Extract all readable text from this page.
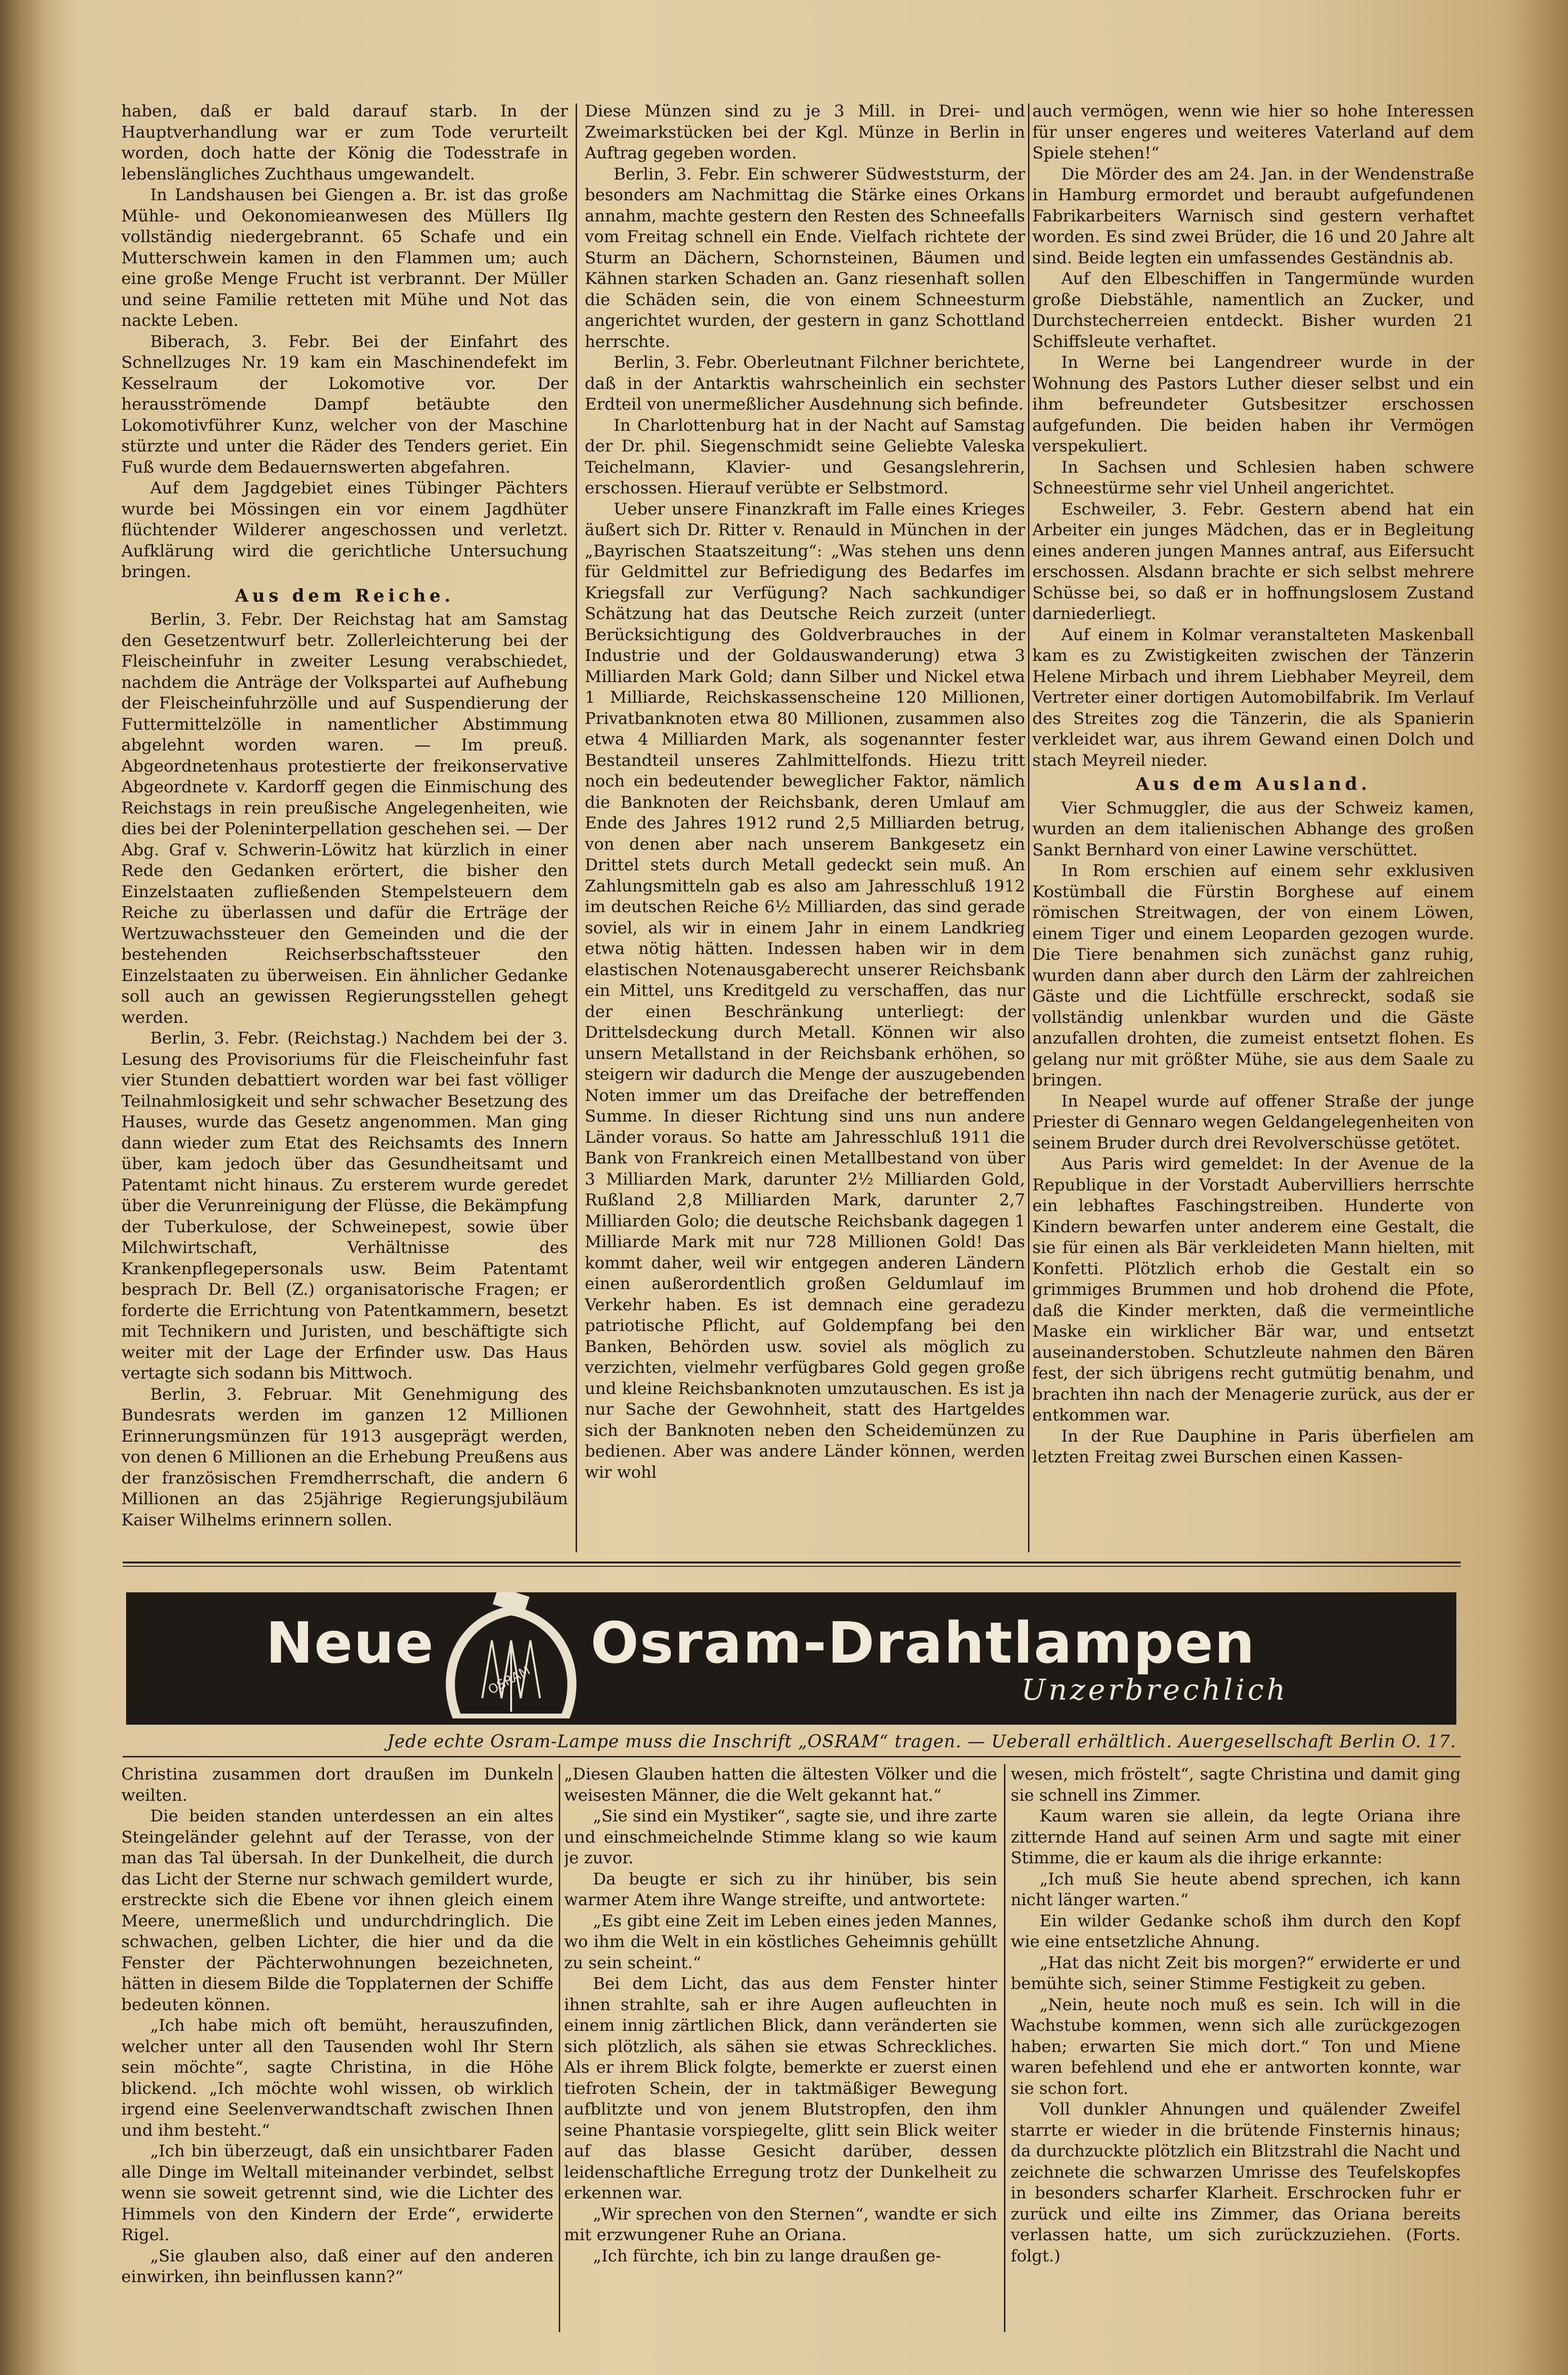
haben, daß er bald darauf starb. In der Hauptverhandlung war er zum Tode verurteilt worden, doch hatte der König die Todesstrafe in lebenslängliches Zuchthaus umgewandelt.

In Landshausen bei Giengen a. Br. ist das große Mühle- und Oekonomieanwesen des Müllers Ilg vollständig niedergebrannt. 65 Schafe und ein Mutterschwein kamen in den Flammen um; auch eine große Menge Frucht ist verbrannt. Der Müller und seine Familie retteten mit Mühe und Not das nackte Leben.

Biberach, 3. Febr. Bei der Einfahrt des Schnellzuges Nr. 19 kam ein Maschinendefekt im Kesselraum der Lokomotive vor. Der herausströmende Dampf betäubte den Lokomotivführer Kunz, welcher von der Maschine stürzte und unter die Räder des Tenders geriet. Ein Fuß wurde dem Bedauernswerten abgefahren.

Auf dem Jagdgebiet eines Tübinger Pächters wurde bei Mössingen ein vor einem Jagdhüter flüchtender Wilderer angeschossen und verletzt. Aufklärung wird die gerichtliche Untersuchung bringen.

Aus dem Reiche.

Berlin, 3. Febr. Der Reichstag hat am Samstag den Gesetzentwurf betr. Zollerleichterung bei der Fleischeinfuhr in zweiter Lesung verabschiedet, nachdem die Anträge der Volkspartei auf Aufhebung der Fleischeinfuhrzölle und auf Suspendierung der Futtermittelzölle in namentlicher Abstimmung abgelehnt worden waren. — Im preuß. Abgeordnetenhaus protestierte der freikonservative Abgeordnete v. Kardorff gegen die Einmischung des Reichstags in rein preußische Angelegenheiten, wie dies bei der Poleninterpellation geschehen sei. — Der Abg. Graf v. Schwerin-Löwitz hat kürzlich in einer Rede den Gedanken erörtert, die bisher den Einzelstaaten zufließenden Stempelsteuern dem Reiche zu überlassen und dafür die Erträge der Wertzuwachssteuer den Gemeinden und die der bestehenden Reichserbschaftssteuer den Einzelstaaten zu überweisen. Ein ähnlicher Gedanke soll auch an gewissen Regierungsstellen gehegt werden.

Berlin, 3. Febr. (Reichstag.) Nachdem bei der 3. Lesung des Provisoriums für die Fleischeinfuhr fast vier Stunden debattiert worden war bei fast völliger Teilnahmlosigkeit und sehr schwacher Besetzung des Hauses, wurde das Gesetz angenommen. Man ging dann wieder zum Etat des Reichsamts des Innern über, kam jedoch über das Gesundheitsamt und Patentamt nicht hinaus. Zu ersterem wurde geredet über die Verunreinigung der Flüsse, die Bekämpfung der Tuberkulose, der Schweinepest, sowie über Milchwirtschaft, Verhältnisse des Krankenpflegepersonals usw. Beim Patentamt besprach Dr. Bell (Z.) organisatorische Fragen; er forderte die Errichtung von Patentkammern, besetzt mit Technikern und Juristen, und beschäftigte sich weiter mit der Lage der Erfinder usw. Das Haus vertagte sich sodann bis Mittwoch.

Berlin, 3. Februar. Mit Genehmigung des Bundesrats werden im ganzen 12 Millionen Erinnerungsmünzen für 1913 ausgeprägt werden, von denen 6 Millionen an die Erhebung Preußens aus der französischen Fremdherrschaft, die andern 6 Millionen an das 25jährige Regierungsjubiläum Kaiser Wilhelms erinnern sollen.

Diese Münzen sind zu je 3 Mill. in Drei- und Zweimarkstücken bei der Kgl. Münze in Berlin in Auftrag gegeben worden.

Berlin, 3. Febr. Ein schwerer Südweststurm, der besonders am Nachmittag die Stärke eines Orkans annahm, machte gestern den Resten des Schneefalls vom Freitag schnell ein Ende. Vielfach richtete der Sturm an Dächern, Schornsteinen, Bäumen und Kähnen starken Schaden an. Ganz riesenhaft sollen die Schäden sein, die von einem Schneesturm angerichtet wurden, der gestern in ganz Schottland herrschte.

Berlin, 3. Febr. Oberleutnant Filchner berichtete, daß in der Antarktis wahrscheinlich ein sechster Erdteil von unermeßlicher Ausdehnung sich befinde.

In Charlottenburg hat in der Nacht auf Samstag der Dr. phil. Siegenschmidt seine Geliebte Valeska Teichelmann, Klavier- und Gesangslehrerin, erschossen. Hierauf verübte er Selbstmord.

Ueber unsere Finanzkraft im Falle eines Krieges äußert sich Dr. Ritter v. Renauld in München in der „Bayrischen Staatszeitung“: „Was stehen uns denn für Geldmittel zur Befriedigung des Bedarfes im Kriegsfall zur Verfügung? Nach sachkundiger Schätzung hat das Deutsche Reich zurzeit (unter Berücksichtigung des Goldverbrauches in der Industrie und der Goldauswanderung) etwa 3 Milliarden Mark Gold; dann Silber und Nickel etwa 1 Milliarde, Reichskassenscheine 120 Millionen, Privatbanknoten etwa 80 Millionen, zusammen also etwa 4 Milliarden Mark, als sogenannter fester Bestandteil unseres Zahlmittelfonds. Hiezu tritt noch ein bedeutender beweglicher Faktor, nämlich die Banknoten der Reichsbank, deren Umlauf am Ende des Jahres 1912 rund 2,5 Milliarden betrug, von denen aber nach unserem Bankgesetz ein Drittel stets durch Metall gedeckt sein muß. An Zahlungsmitteln gab es also am Jahresschluß 1912 im deutschen Reiche 6½ Milliarden, das sind gerade soviel, als wir in einem Jahr in einem Landkrieg etwa nötig hätten. Indessen haben wir in dem elastischen Notenausgaberecht unserer Reichsbank ein Mittel, uns Kreditgeld zu verschaffen, das nur der einen Beschränkung unterliegt: der Drittelsdeckung durch Metall. Können wir also unsern Metallstand in der Reichsbank erhöhen, so steigern wir dadurch die Menge der auszugebenden Noten immer um das Dreifache der betreffenden Summe. In dieser Richtung sind uns nun andere Länder voraus. So hatte am Jahresschluß 1911 die Bank von Frankreich einen Metallbestand von über 3 Milliarden Mark, darunter 2½ Milliarden Gold, Rußland 2,8 Milliarden Mark, darunter 2,7 Milliarden Golo; die deutsche Reichsbank dagegen 1 Milliarde Mark mit nur 728 Millionen Gold! Das kommt daher, weil wir entgegen anderen Ländern einen außerordentlich großen Geldumlauf im Verkehr haben. Es ist demnach eine geradezu patriotische Pflicht, auf Goldempfang bei den Banken, Behörden usw. soviel als möglich zu verzichten, vielmehr verfügbares Gold gegen große und kleine Reichsbanknoten umzutauschen. Es ist ja nur Sache der Gewohnheit, statt des Hartgeldes sich der Banknoten neben den Scheidemünzen zu bedienen. Aber was andere Länder können, werden wir wohl

auch vermögen, wenn wie hier so hohe Interessen für unser engeres und weiteres Vaterland auf dem Spiele stehen!“

Die Mörder des am 24. Jan. in der Wendenstraße in Hamburg ermordet und beraubt aufgefundenen Fabrikarbeiters Warnisch sind gestern verhaftet worden. Es sind zwei Brüder, die 16 und 20 Jahre alt sind. Beide legten ein umfassendes Geständnis ab.

Auf den Elbeschiffen in Tangermünde wurden große Diebstähle, namentlich an Zucker, und Durchstecherreien entdeckt. Bisher wurden 21 Schiffsleute verhaftet.

In Werne bei Langendreer wurde in der Wohnung des Pastors Luther dieser selbst und ein ihm befreundeter Gutsbesitzer erschossen aufgefunden. Die beiden haben ihr Vermögen verspekuliert.

In Sachsen und Schlesien haben schwere Schneestürme sehr viel Unheil angerichtet.

Eschweiler, 3. Febr. Gestern abend hat ein Arbeiter ein junges Mädchen, das er in Begleitung eines anderen jungen Mannes antraf, aus Eifersucht erschossen. Alsdann brachte er sich selbst mehrere Schüsse bei, so daß er in hoffnungslosem Zustand darniederliegt.

Auf einem in Kolmar veranstalteten Maskenball kam es zu Zwistigkeiten zwischen der Tänzerin Helene Mirbach und ihrem Liebhaber Meyreil, dem Vertreter einer dortigen Automobilfabrik. Im Verlauf des Streites zog die Tänzerin, die als Spanierin verkleidet war, aus ihrem Gewand einen Dolch und stach Meyreil nieder.

Aus dem Ausland.

Vier Schmuggler, die aus der Schweiz kamen, wurden an dem italienischen Abhange des großen Sankt Bernhard von einer Lawine verschüttet.

In Rom erschien auf einem sehr exklusiven Kostümball die Fürstin Borghese auf einem römischen Streitwagen, der von einem Löwen, einem Tiger und einem Leoparden gezogen wurde. Die Tiere benahmen sich zunächst ganz ruhig, wurden dann aber durch den Lärm der zahlreichen Gäste und die Lichtfülle erschreckt, sodaß sie vollständig unlenkbar wurden und die Gäste anzufallen drohten, die zumeist entsetzt flohen. Es gelang nur mit größter Mühe, sie aus dem Saale zu bringen.

In Neapel wurde auf offener Straße der junge Priester di Gennaro wegen Geldangelegenheiten von seinem Bruder durch drei Revolverschüsse getötet.

Aus Paris wird gemeldet: In der Avenue de la Republique in der Vorstadt Aubervilliers herrschte ein lebhaftes Faschingstreiben. Hunderte von Kindern bewarfen unter anderem eine Gestalt, die sie für einen als Bär verkleideten Mann hielten, mit Konfetti. Plötzlich erhob die Gestalt ein so grimmiges Brummen und hob drohend die Pfote, daß die Kinder merkten, daß die vermeintliche Maske ein wirklicher Bär war, und entsetzt auseinanderstoben. Schutzleute nahmen den Bären fest, der sich übrigens recht gutmütig benahm, und brachten ihn nach der Menagerie zurück, aus der er entkommen war.

In der Rue Dauphine in Paris überfielen am letzten Freitag zwei Burschen einen Kassen-

Neue
OSRAM
Osram-Drahtlampen
Unzerbrechlich
Jede echte Osram-Lampe muss die Inschrift „OSRAM“ tragen. — Ueberall erhältlich. Auergesellschaft Berlin O. 17.

Christina zusammen dort draußen im Dunkeln weilten.

Die beiden standen unterdessen an ein altes Steingeländer gelehnt auf der Terasse, von der man das Tal übersah. In der Dunkelheit, die durch das Licht der Sterne nur schwach gemildert wurde, erstreckte sich die Ebene vor ihnen gleich einem Meere, unermeßlich und undurchdringlich. Die schwachen, gelben Lichter, die hier und da die Fenster der Pächterwohnungen bezeichneten, hätten in diesem Bilde die Topplaternen der Schiffe bedeuten können.

„Ich habe mich oft bemüht, herauszufinden, welcher unter all den Tausenden wohl Ihr Stern sein möchte“, sagte Christina, in die Höhe blickend. „Ich möchte wohl wissen, ob wirklich irgend eine Seelenverwandtschaft zwischen Ihnen und ihm besteht.“

„Ich bin überzeugt, daß ein unsichtbarer Faden alle Dinge im Weltall miteinander verbindet, selbst wenn sie soweit getrennt sind, wie die Lichter des Himmels von den Kindern der Erde“, erwiderte Rigel.

„Sie glauben also, daß einer auf den anderen einwirken, ihn beinflussen kann?“

„Diesen Glauben hatten die ältesten Völker und die weisesten Männer, die die Welt gekannt hat.“

„Sie sind ein Mystiker“, sagte sie, und ihre zarte und einschmeichelnde Stimme klang so wie kaum je zuvor.

Da beugte er sich zu ihr hinüber, bis sein warmer Atem ihre Wange streifte, und antwortete:

„Es gibt eine Zeit im Leben eines jeden Mannes, wo ihm die Welt in ein köstliches Geheimnis gehüllt zu sein scheint.“

Bei dem Licht, das aus dem Fenster hinter ihnen strahlte, sah er ihre Augen aufleuchten in einem innig zärtlichen Blick, dann veränderten sie sich plötzlich, als sähen sie etwas Schreckliches. Als er ihrem Blick folgte, bemerkte er zuerst einen tiefroten Schein, der in taktmäßiger Bewegung aufblitzte und von jenem Blutstropfen, den ihm seine Phantasie vorspiegelte, glitt sein Blick weiter auf das blasse Gesicht darüber, dessen leidenschaftliche Erregung trotz der Dunkelheit zu erkennen war.

„Wir sprechen von den Sternen“, wandte er sich mit erzwungener Ruhe an Oriana.

„Ich fürchte, ich bin zu lange draußen ge-

wesen, mich fröstelt“, sagte Christina und damit ging sie schnell ins Zimmer.

Kaum waren sie allein, da legte Oriana ihre zitternde Hand auf seinen Arm und sagte mit einer Stimme, die er kaum als die ihrige erkannte:

„Ich muß Sie heute abend sprechen, ich kann nicht länger warten.“

Ein wilder Gedanke schoß ihm durch den Kopf wie eine entsetzliche Ahnung.

„Hat das nicht Zeit bis morgen?“ erwiderte er und bemühte sich, seiner Stimme Festigkeit zu geben.

„Nein, heute noch muß es sein. Ich will in die Wachstube kommen, wenn sich alle zurückgezogen haben; erwarten Sie mich dort.“ Ton und Miene waren befehlend und ehe er antworten konnte, war sie schon fort.

Voll dunkler Ahnungen und quälender Zweifel starrte er wieder in die brütende Finsternis hinaus; da durchzuckte plötzlich ein Blitzstrahl die Nacht und zeichnete die schwarzen Umrisse des Teufelskopfes in besonders scharfer Klarheit. Erschrocken fuhr er zurück und eilte ins Zimmer, das Oriana bereits verlassen hatte, um sich zurückzuziehen. (Forts. folgt.)
